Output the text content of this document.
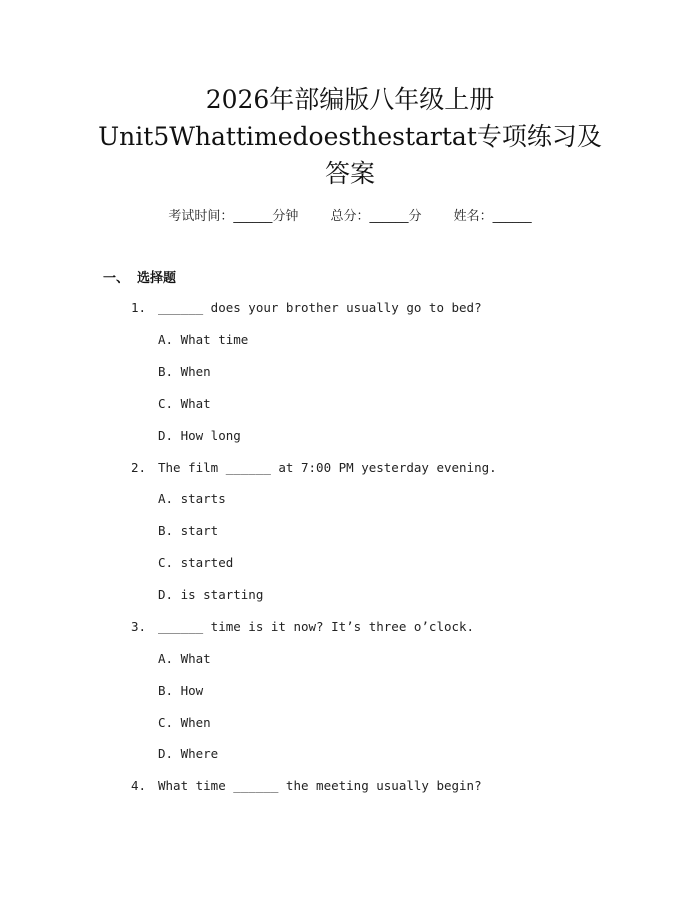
2026年部编版八年级上册
Unit5Whattimedoesthestartat专项练习及
答案
考试时间：______分钟 总分：______分 姓名：______
一、 选择题
1. ______ does your brother usually go to bed?
A. What time
B. When
C. What
D. How long
2. The film ______ at 7:00 PM yesterday evening.
A. starts
B. start
C. started
D. is starting
3. ______ time is it now? It’s three o’clock.
A. What
B. How
C. When
D. Where
4. What time ______ the meeting usually begin?
